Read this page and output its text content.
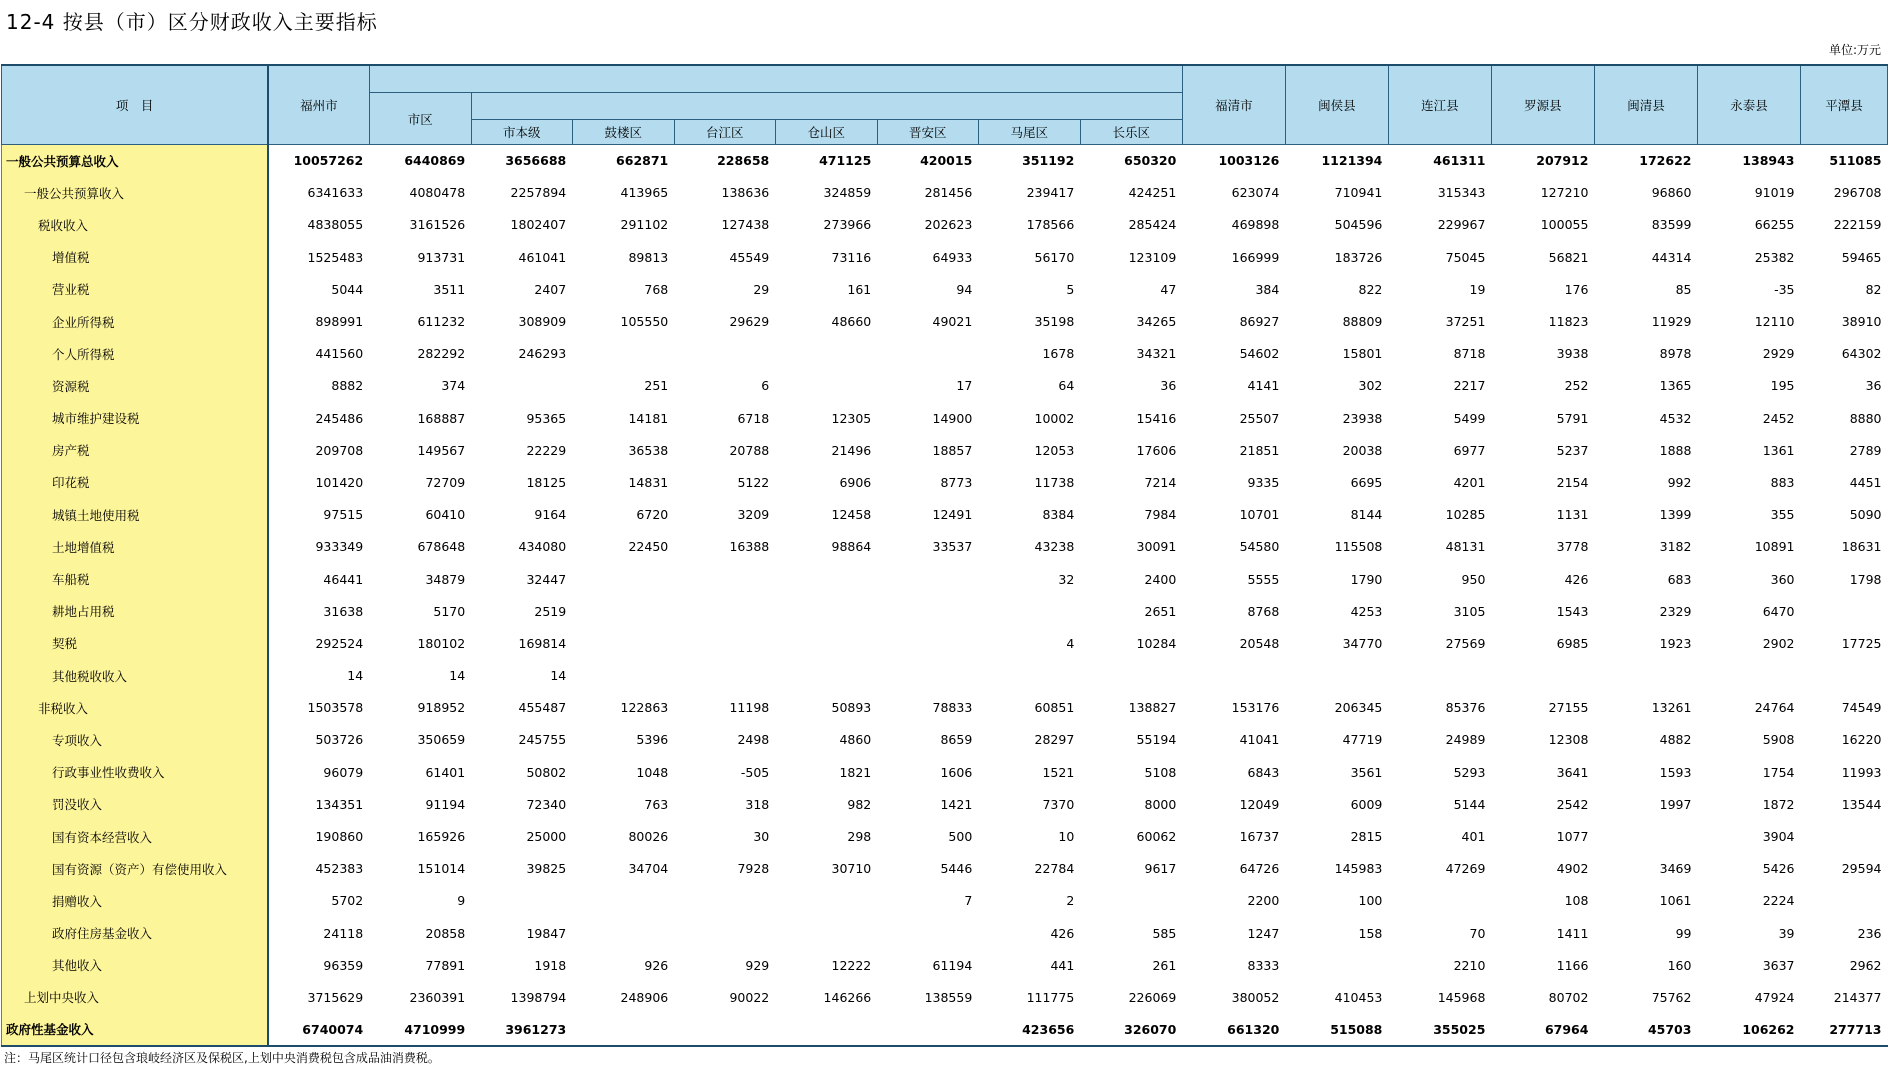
12-4 按县（市）区分财政收入主要指标
单位:万元
项　目	福州市									福清市	闽侯县	连江县	罗源县	闽清县	永泰县	平潭县
		市区														
			市本级	鼓楼区	台江区	仓山区	晋安区	马尾区	长乐区							
一般公共预算总收入	10057262	6440869	3656688	662871	228658	471125	420015	351192	650320	1003126	1121394	461311	207912	172622	138943	511085
一般公共预算收入	6341633	4080478	2257894	413965	138636	324859	281456	239417	424251	623074	710941	315343	127210	96860	91019	296708
税收收入	4838055	3161526	1802407	291102	127438	273966	202623	178566	285424	469898	504596	229967	100055	83599	66255	222159
增值税	1525483	913731	461041	89813	45549	73116	64933	56170	123109	166999	183726	75045	56821	44314	25382	59465
营业税	5044	3511	2407	768	29	161	94	5	47	384	822	19	176	85	-35	82
企业所得税	898991	611232	308909	105550	29629	48660	49021	35198	34265	86927	88809	37251	11823	11929	12110	38910
个人所得税	441560	282292	246293					1678	34321	54602	15801	8718	3938	8978	2929	64302
资源税	8882	374		251	6		17	64	36	4141	302	2217	252	1365	195	36
城市维护建设税	245486	168887	95365	14181	6718	12305	14900	10002	15416	25507	23938	5499	5791	4532	2452	8880
房产税	209708	149567	22229	36538	20788	21496	18857	12053	17606	21851	20038	6977	5237	1888	1361	2789
印花税	101420	72709	18125	14831	5122	6906	8773	11738	7214	9335	6695	4201	2154	992	883	4451
城镇土地使用税	97515	60410	9164	6720	3209	12458	12491	8384	7984	10701	8144	10285	1131	1399	355	5090
土地增值税	933349	678648	434080	22450	16388	98864	33537	43238	30091	54580	115508	48131	3778	3182	10891	18631
车船税	46441	34879	32447					32	2400	5555	1790	950	426	683	360	1798
耕地占用税	31638	5170	2519						2651	8768	4253	3105	1543	2329	6470	
契税	292524	180102	169814					4	10284	20548	34770	27569	6985	1923	2902	17725
其他税收收入	14	14	14													
非税收入	1503578	918952	455487	122863	11198	50893	78833	60851	138827	153176	206345	85376	27155	13261	24764	74549
专项收入	503726	350659	245755	5396	2498	4860	8659	28297	55194	41041	47719	24989	12308	4882	5908	16220
行政事业性收费收入	96079	61401	50802	1048	-505	1821	1606	1521	5108	6843	3561	5293	3641	1593	1754	11993
罚没收入	134351	91194	72340	763	318	982	1421	7370	8000	12049	6009	5144	2542	1997	1872	13544
国有资本经营收入	190860	165926	25000	80026	30	298	500	10	60062	16737	2815	401	1077		3904	
国有资源（资产）有偿使用收入	452383	151014	39825	34704	7928	30710	5446	22784	9617	64726	145983	47269	4902	3469	5426	29594
捐赠收入	5702	9					7	2		2200	100		108	1061	2224	
政府住房基金收入	24118	20858	19847					426	585	1247	158	70	1411	99	39	236
其他收入	96359	77891	1918	926	929	12222	61194	441	261	8333		2210	1166	160	3637	2962
上划中央收入	3715629	2360391	1398794	248906	90022	146266	138559	111775	226069	380052	410453	145968	80702	75762	47924	214377
政府性基金收入	6740074	4710999	3961273					423656	326070	661320	515088	355025	67964	45703	106262	277713
注：马尾区统计口径包含琅岐经济区及保税区,上划中央消费税包含成品油消费税。
